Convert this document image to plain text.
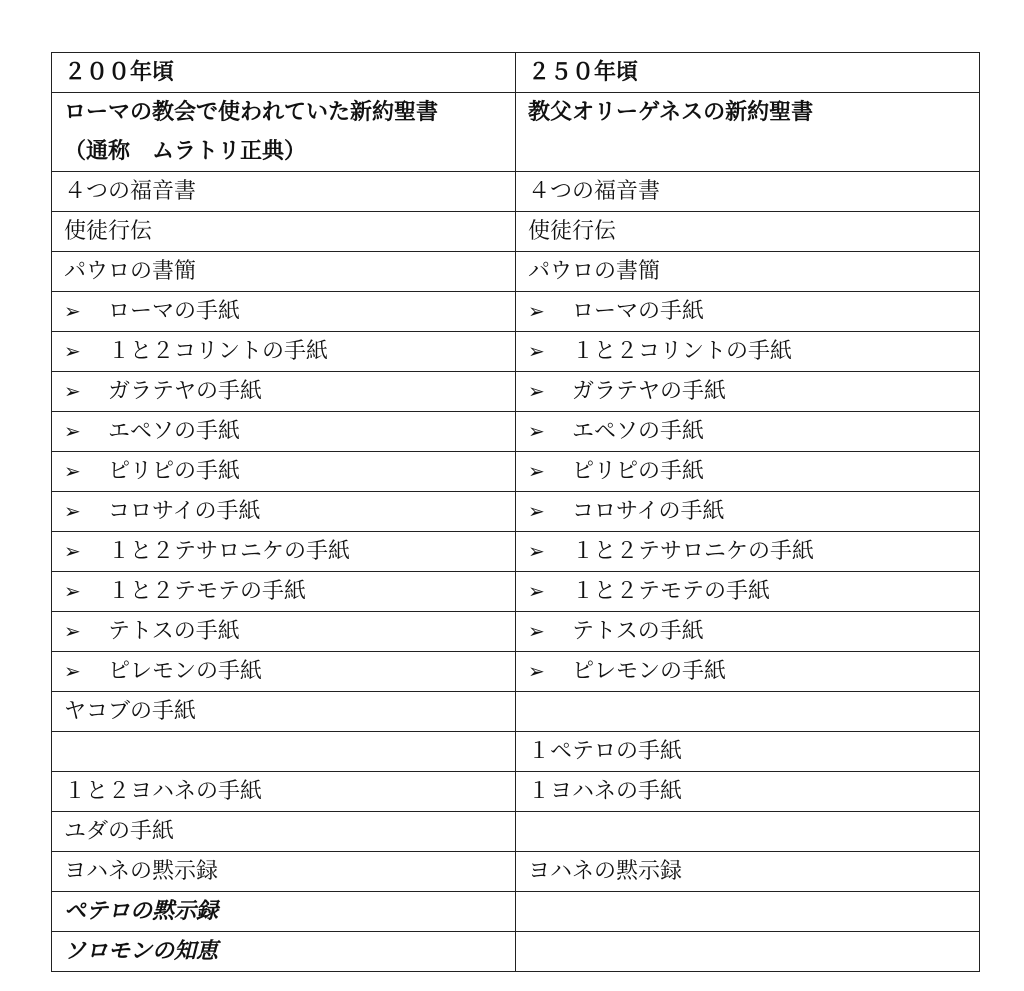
２００年頃	２５０年頃

ローマの教会で使われていた新約聖書
（通称　ムラトリ正典）	教父オリーゲネスの新約聖書
４つの福音書	４つの福音書
使徒行伝	使徒行伝
パウロの書簡	パウロの書簡
➢ ローマの手紙	➢ ローマの手紙
➢ １と２コリントの手紙	➢ １と２コリントの手紙
➢ ガラテヤの手紙	➢ ガラテヤの手紙
➢ エペソの手紙	➢ エペソの手紙
➢ ピリピの手紙	➢ ピリピの手紙
➢ コロサイの手紙	➢ コロサイの手紙
➢ １と２テサロニケの手紙	➢ １と２テサロニケの手紙
➢ １と２テモテの手紙	➢ １と２テモテの手紙
➢ テトスの手紙	➢ テトスの手紙
➢ ピレモンの手紙	➢ ピレモンの手紙
ヤコブの手紙	
	１ペテロの手紙
１と２ヨハネの手紙	１ヨハネの手紙
ユダの手紙	
ヨハネの黙示録	ヨハネの黙示録
ペテロの黙示録	
ソロモンの知恵	
